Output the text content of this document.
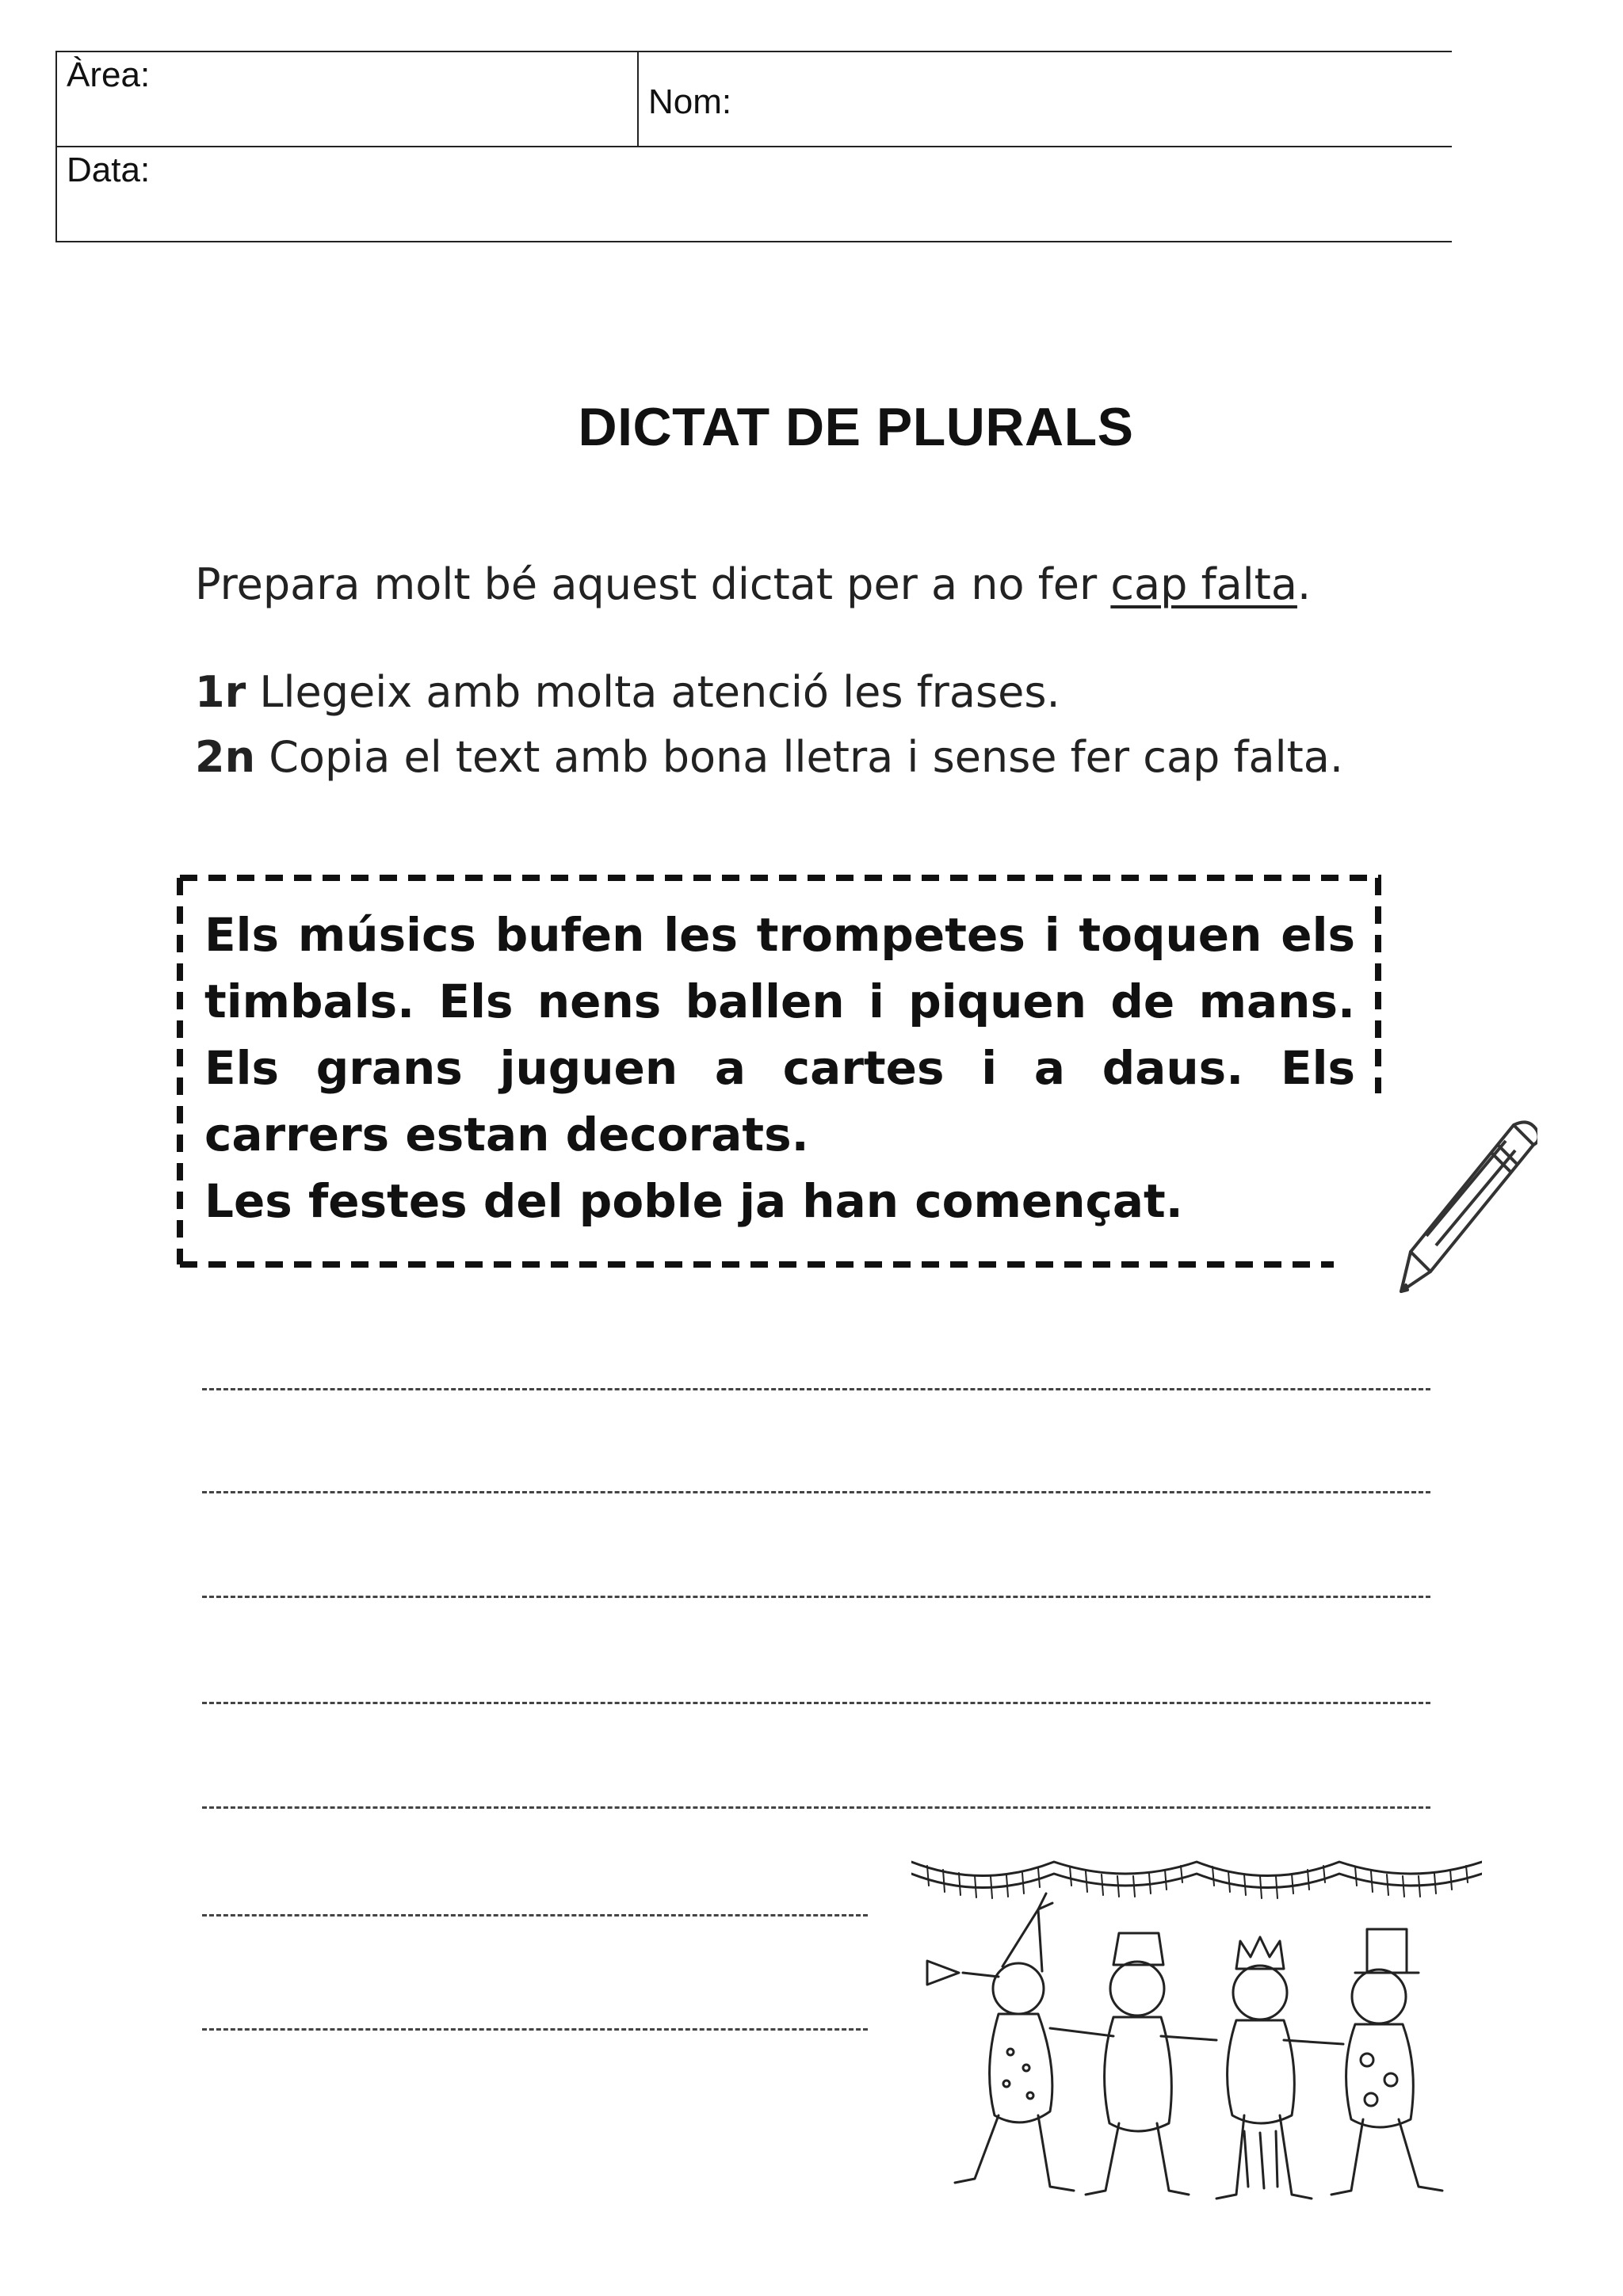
Àrea:
Nom:
Data:
DICTAT DE PLURALS
Prepara molt bé aquest dictat per a no fer cap falta.
1r Llegeix amb molta atenció les frases.
2n Copia el text amb bona lletra i sense fer cap falta.
Els músics bufen les trompetes i toquen els timbals. Els nens ballen i piquen de mans. Els grans juguen a cartes i a daus. Els carrers estan decorats.
Les festes del poble ja han començat.
